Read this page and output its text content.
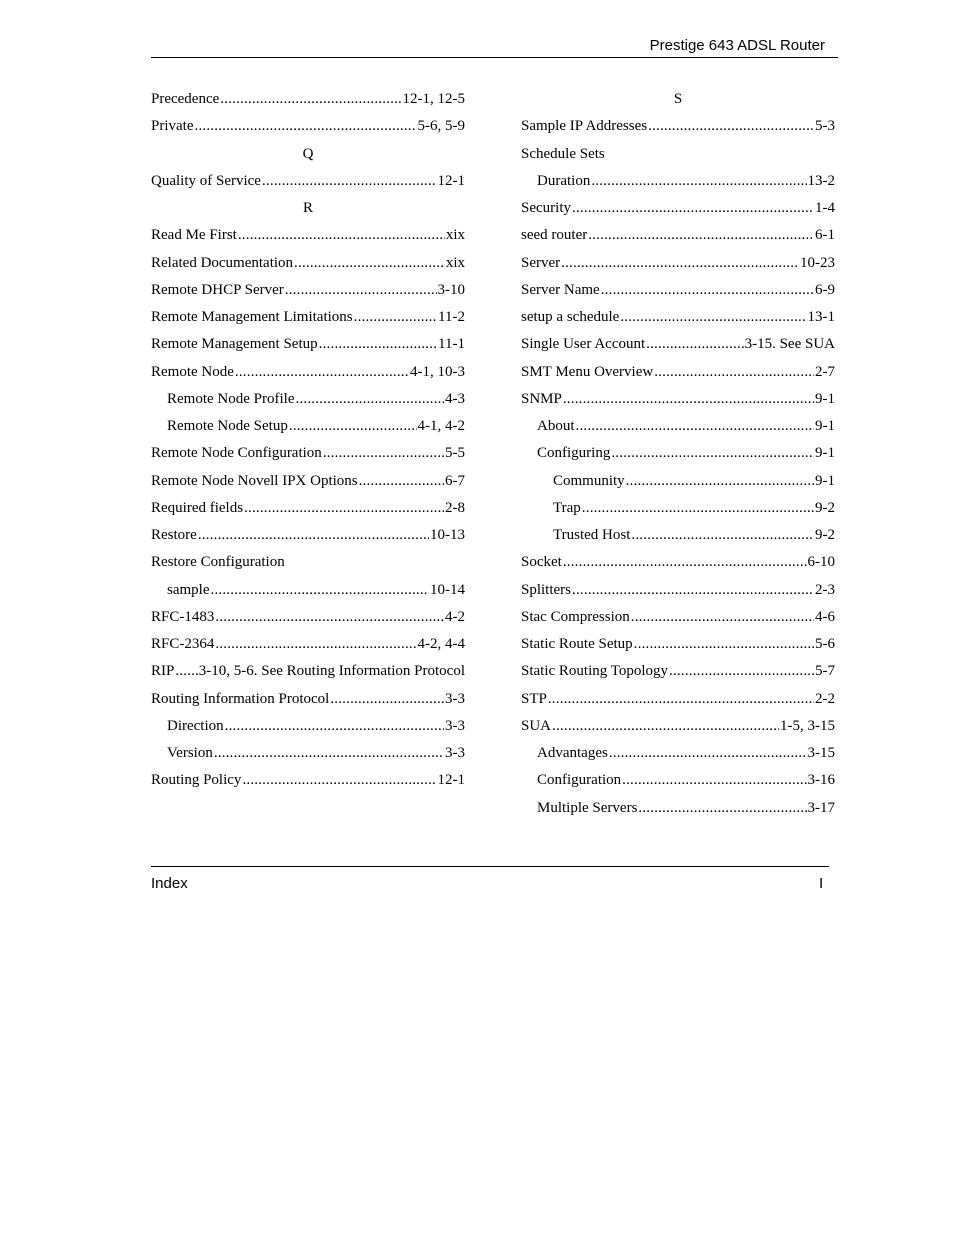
Prestige 643 ADSL Router
Precedence .....	12-1, 12-5
Private .....	5-6, 5-9
Q
Quality of Service .....	12-1
R
Read Me First .....	xix
Related Documentation .....	xix
Remote DHCP Server .....	3-10
Remote Management Limitations .....	11-2
Remote Management Setup .....	11-1
Remote Node .....	4-1, 10-3
Remote Node Profile .....	4-3
Remote Node Setup .....	4-1, 4-2
Remote Node Configuration .....	5-5
Remote Node Novell IPX Options .....	6-7
Required fields .....	2-8
Restore .....	10-13
Restore Configuration
sample .....	10-14
RFC-1483 .....	4-2
RFC-2364 .....	4-2, 4-4
RIP ..... 3-10, 5-6. See Routing Information Protocol
Routing Information Protocol .....	3-3
Direction .....	3-3
Version .....	3-3
Routing Policy .....	12-1
S
Sample IP Addresses .....	5-3
Schedule Sets
Duration .....	13-2
Security .....	1-4
seed router .....	6-1
Server .....	10-23
Server Name .....	6-9
setup a schedule .....	13-1
Single User Account .....	3-15. See SUA
SMT Menu Overview .....	2-7
SNMP .....	9-1
About .....	9-1
Configuring .....	9-1
Community .....	9-1
Trap .....	9-2
Trusted Host .....	9-2
Socket .....	6-10
Splitters .....	2-3
Stac Compression .....	4-6
Static Route Setup .....	5-6
Static Routing Topology .....	5-7
STP .....	2-2
SUA .....	1-5, 3-15
Advantages .....	3-15
Configuration .....	3-16
Multiple Servers .....	3-17
Index	I
